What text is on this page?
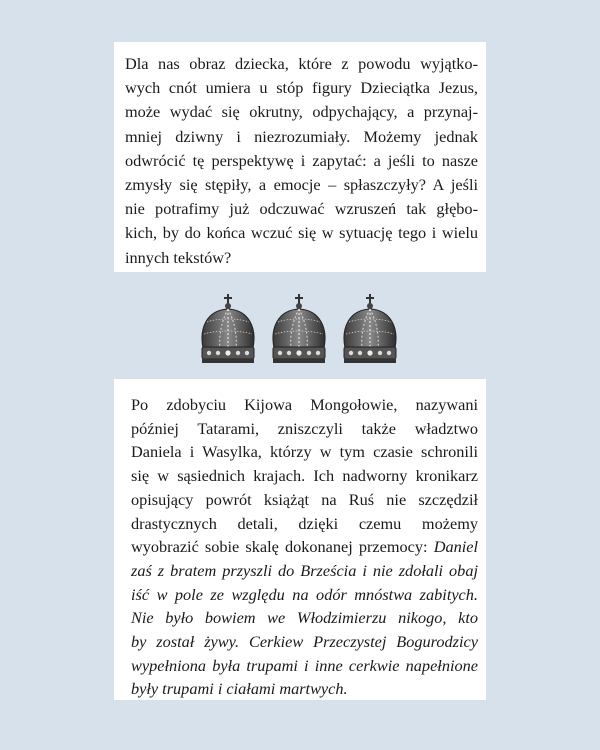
Dla nas obraz dziecka, które z powodu wyjątko-
wych cnót umiera u stóp figury Dzieciątka Jezus,
może wydać się okrutny, odpychający, a przynaj-
mniej dziwny i niezrozumiały. Możemy jednak
odwrócić tę perspektywę i zapytać: a jeśli to nasze
zmysły się stępiły, a emocje – spłaszczyły? A jeśli
nie potrafimy już odczuwać wzruszeń tak głębo-
kich, by do końca wczuć się w sytuację tego i wielu
innych tekstów?
Po zdobyciu Kijowa Mongołowie, nazywani
później Tatarami, zniszczyli także władztwo
Daniela i Wasylka, którzy w tym czasie schronili
się w sąsiednich krajach. Ich nadworny kronikarz
opisujący powrót książąt na Ruś nie szczędził
drastycznych detali, dzięki czemu możemy
wyobrazić sobie skalę dokonanej przemocy: Daniel
zaś z bratem przyszli do Brześcia i nie zdołali obaj
iść w pole ze względu na odór mnóstwa zabitych.
Nie było bowiem we Włodzimierzu nikogo, kto
by został żywy. Cerkiew Przeczystej Bogurodzicy
wypełniona była trupami i inne cerkwie napełnione
były trupami i ciałami martwych.
